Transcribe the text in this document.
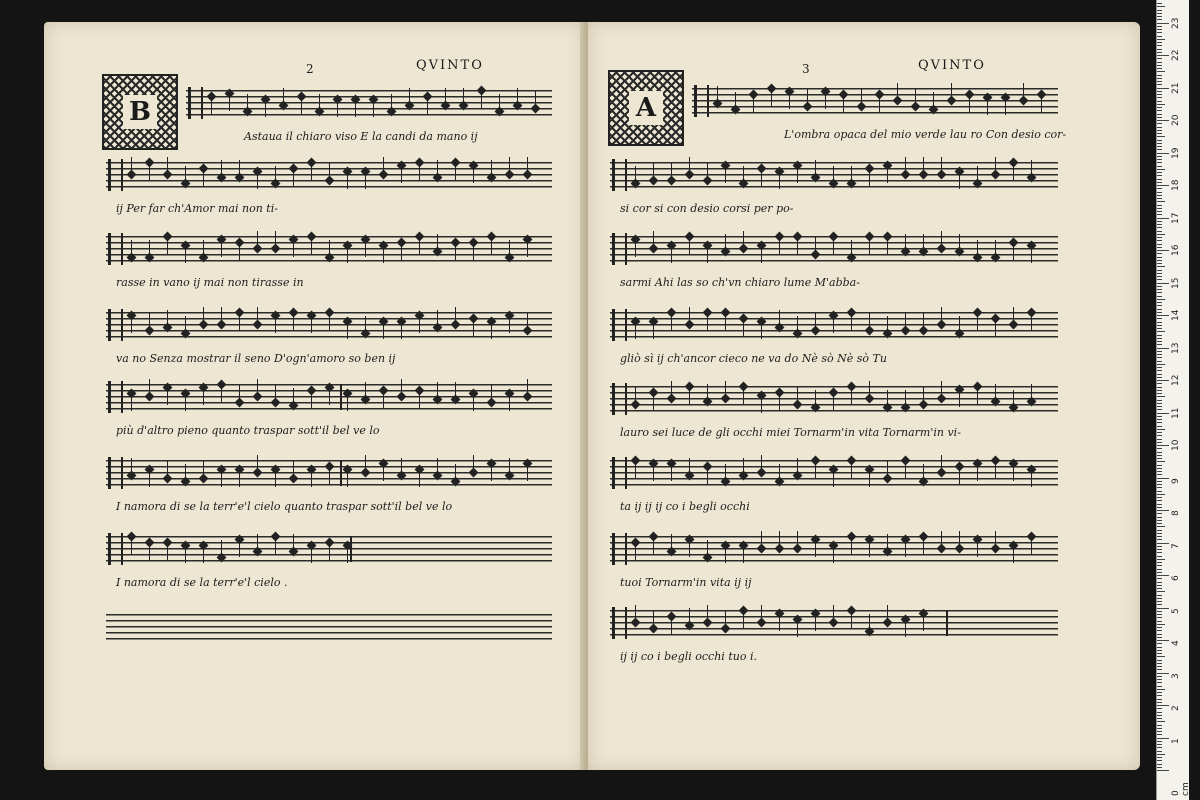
2	QVINTO
B
Astaua il chiaro viso E la candi da mano ij
ij Per far ch'Amor mai non ti-
rasse in vano ij mai non tirasse in
va no Senza mostrar il seno D'ogn'amoro so ben ij
più d'altro pieno quanto traspar sott'il bel ve lo
I namora di se la terr'e'l cielo quanto traspar sott'il bel ve lo
I namora di se la terr'e'l cielo .
3	QVINTO
A
L'ombra opaca del mio verde lau ro Con desio cor-
si cor si con desio corsi per po-
sarmi Ahi las so ch'vn chiaro lume M'abba-
gliò sì ij ch'ancor cieco ne va do Nè sò Nè sò Tu
lauro sei luce de gli occhi miei Tornarm'in vita Tornarm'in vi-
ta ij ij ij co i begli occhi
tuoi Tornarm'in vita ij ij
ij ij co i begli occhi tuo i.
1
2
3
4
5
6
7
8
9
10
11
12
13
14
15
16
17
18
19
20
21
22
23
0 cm
